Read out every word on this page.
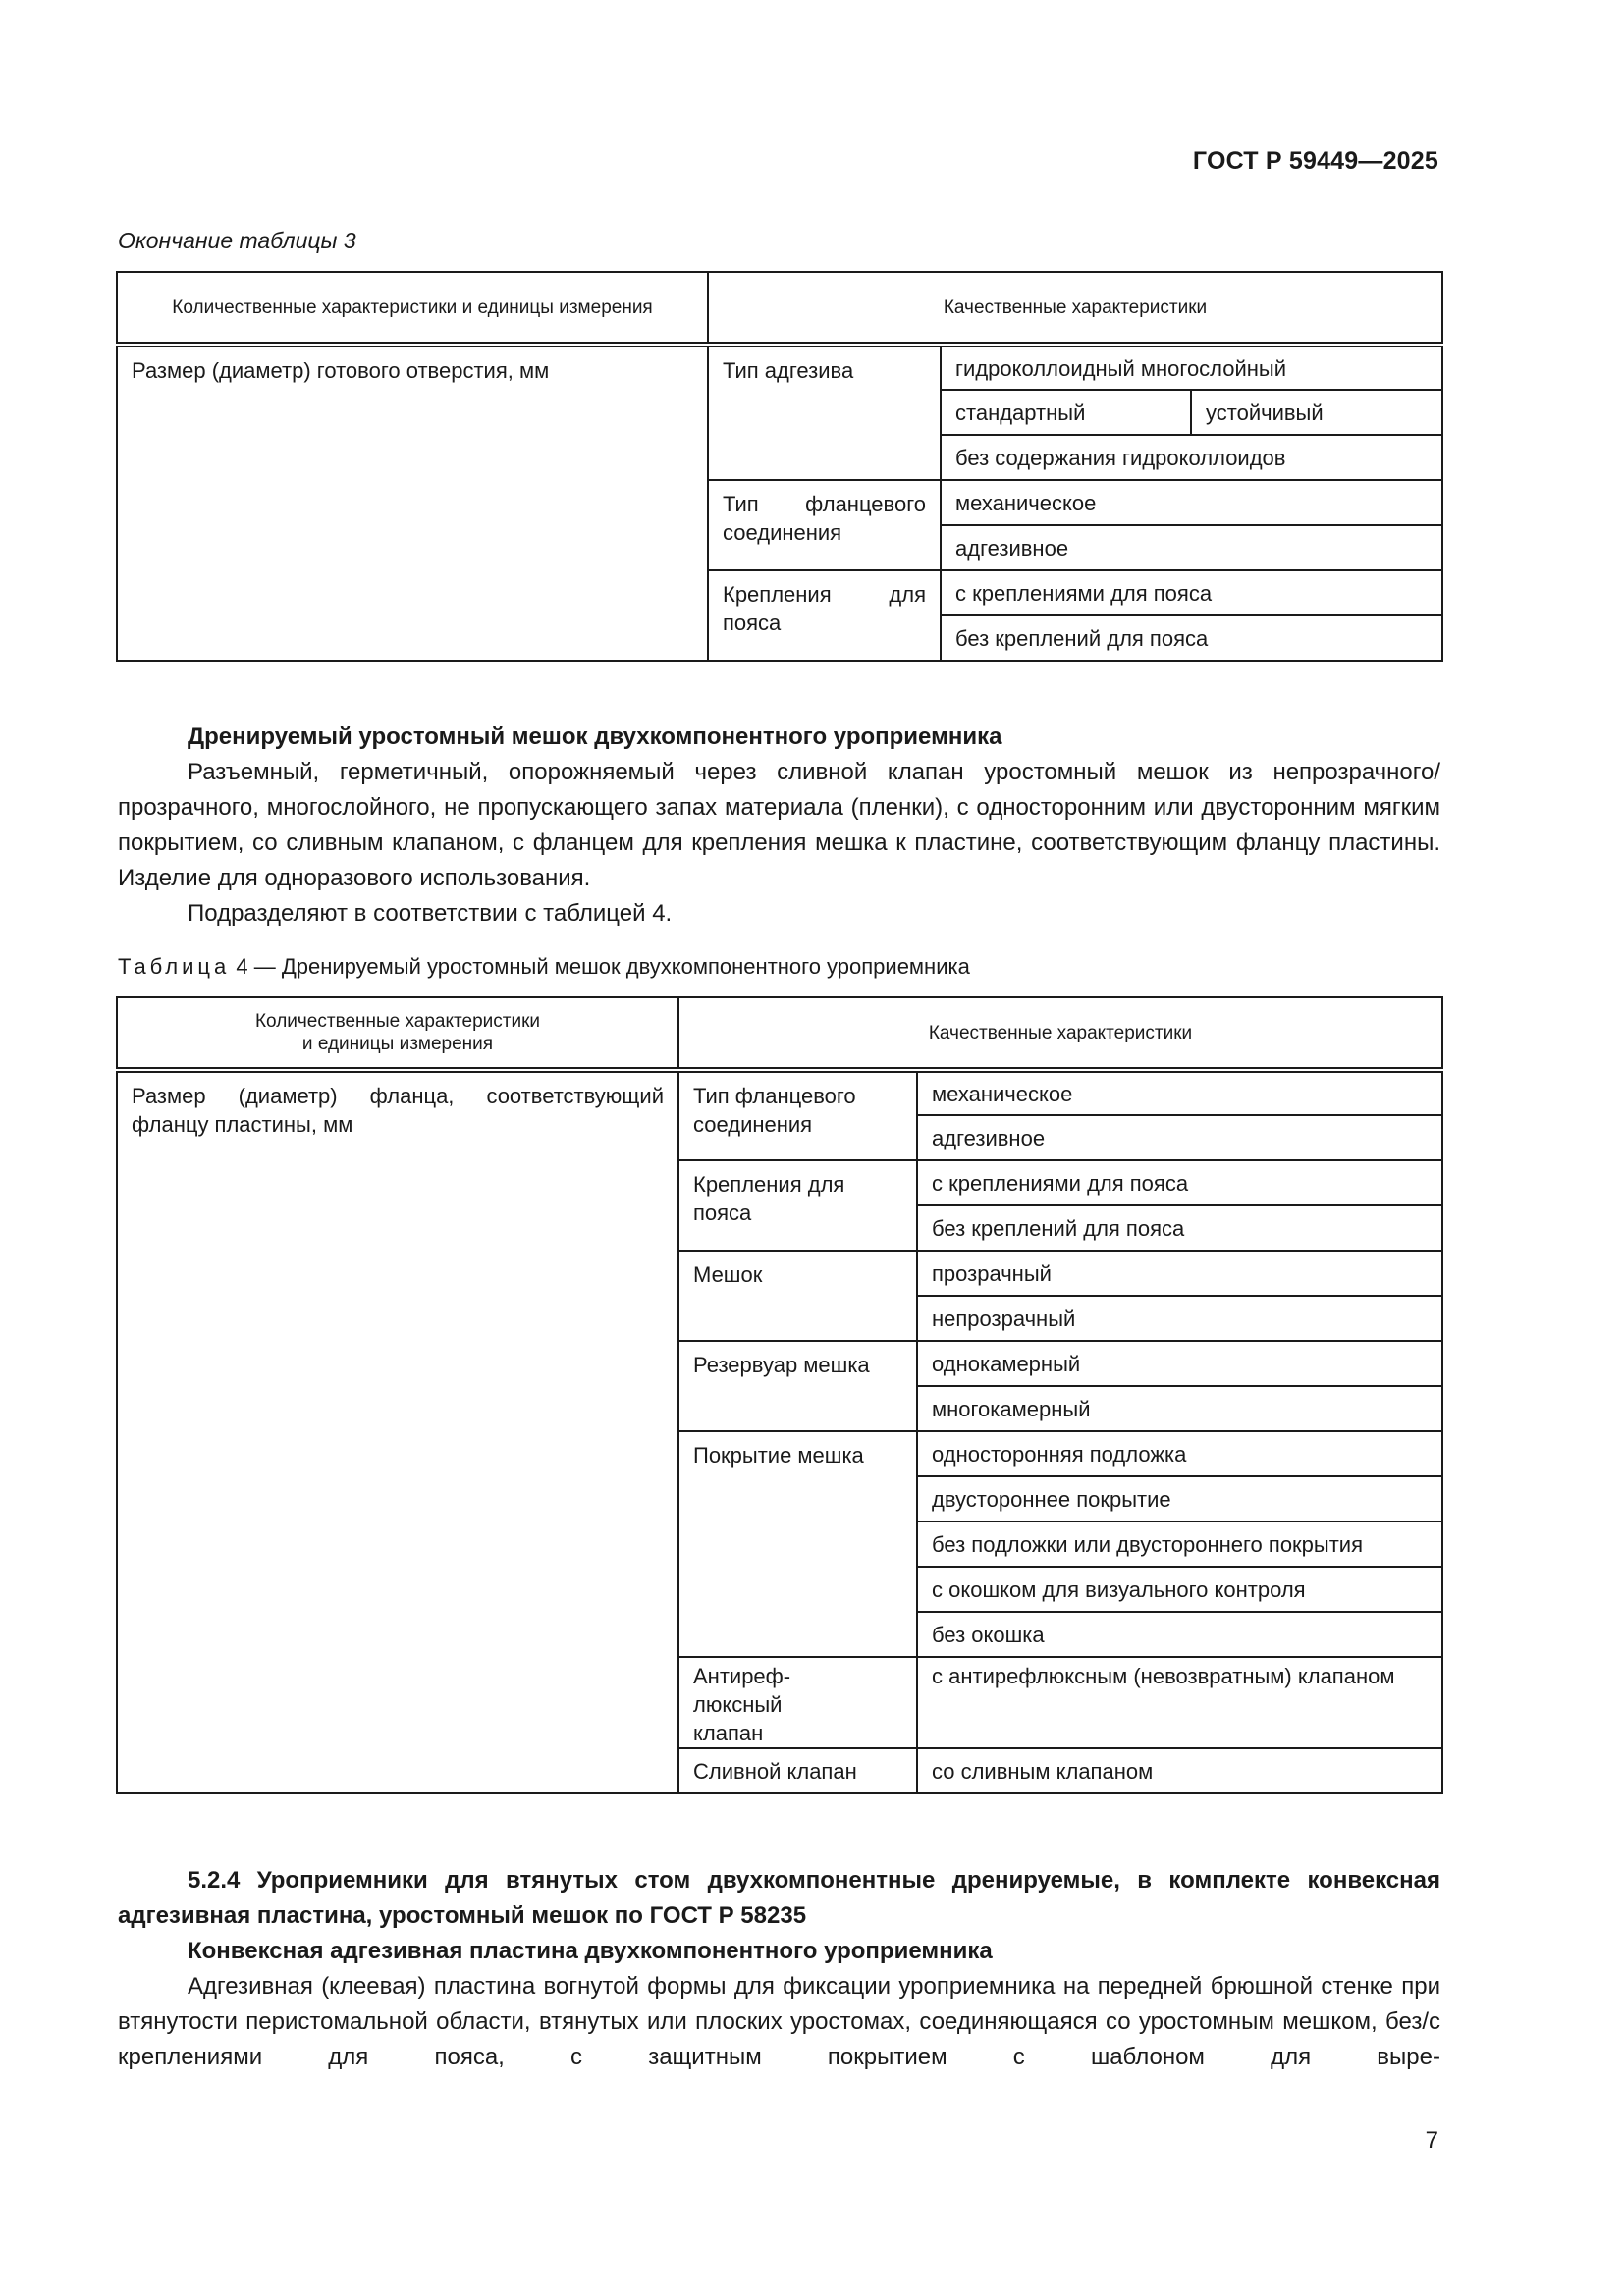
ГОСТ Р 59449—2025
Окончание таблицы 3
Количественные характеристики и единицы измерения	Качественные характеристики		
Размер (диаметр) готового отверстия, мм	Тип адгезива	гидроколлоидный многослойный	
		стандартный	устойчивый
		без содержания гидроколлоидов	
	Тип фланцевого соединения	механическое	
		адгезивное	
	Крепления для пояса	с креплениями для пояса	
		без креплений для пояса	
Дренируемый уростомный мешок двухкомпонентного уроприемника
Разъемный, герметичный, опорожняемый через сливной клапан уростомный мешок из непрозрачного/прозрачного, многослойного, не пропускающего запах материала (пленки), с односторонним или двусторонним мягким покрытием, со сливным клапаном, с фланцем для крепления мешка к пластине, соответствующим фланцу пластины. Изделие для одноразового использования.
Подразделяют в соответствии с таблицей 4.
Таблица 4 — Дренируемый уростомный мешок двухкомпонентного уроприемника
Количественные характеристики
и единицы измерения	Качественные характеристики	
Размер (диаметр) фланца, соответствующий фланцу пластины, мм	Тип фланцевого соединения	механическое
		адгезивное
	Крепления для пояса	с креплениями для пояса
		без креплений для пояса
	Мешок	прозрачный
		непрозрачный
	Резервуар мешка	однокамерный
		многокамерный
	Покрытие мешка	односторонняя подложка
		двустороннее покрытие
		без подложки или двустороннего покрытия
		с окошком для визуального контроля
		без окошка
	Антиреф-люксный клапан	с антирефлюксным (невозвратным) клапаном
	Сливной клапан	со сливным клапаном
5.2.4 Уроприемники для втянутых стом двухкомпонентные дренируемые, в комплекте конвексная адгезивная пластина, уростомный мешок по ГОСТ Р 58235
Конвексная адгезивная пластина двухкомпонентного уроприемника
Адгезивная (клеевая) пластина вогнутой формы для фиксации уроприемника на передней брюшной стенке при втянутости перистомальной области, втянутых или плоских уростомах, соединяющаяся со уростомным мешком, без/с креплениями для пояса, с защитным покрытием с шаблоном для выре-
7
